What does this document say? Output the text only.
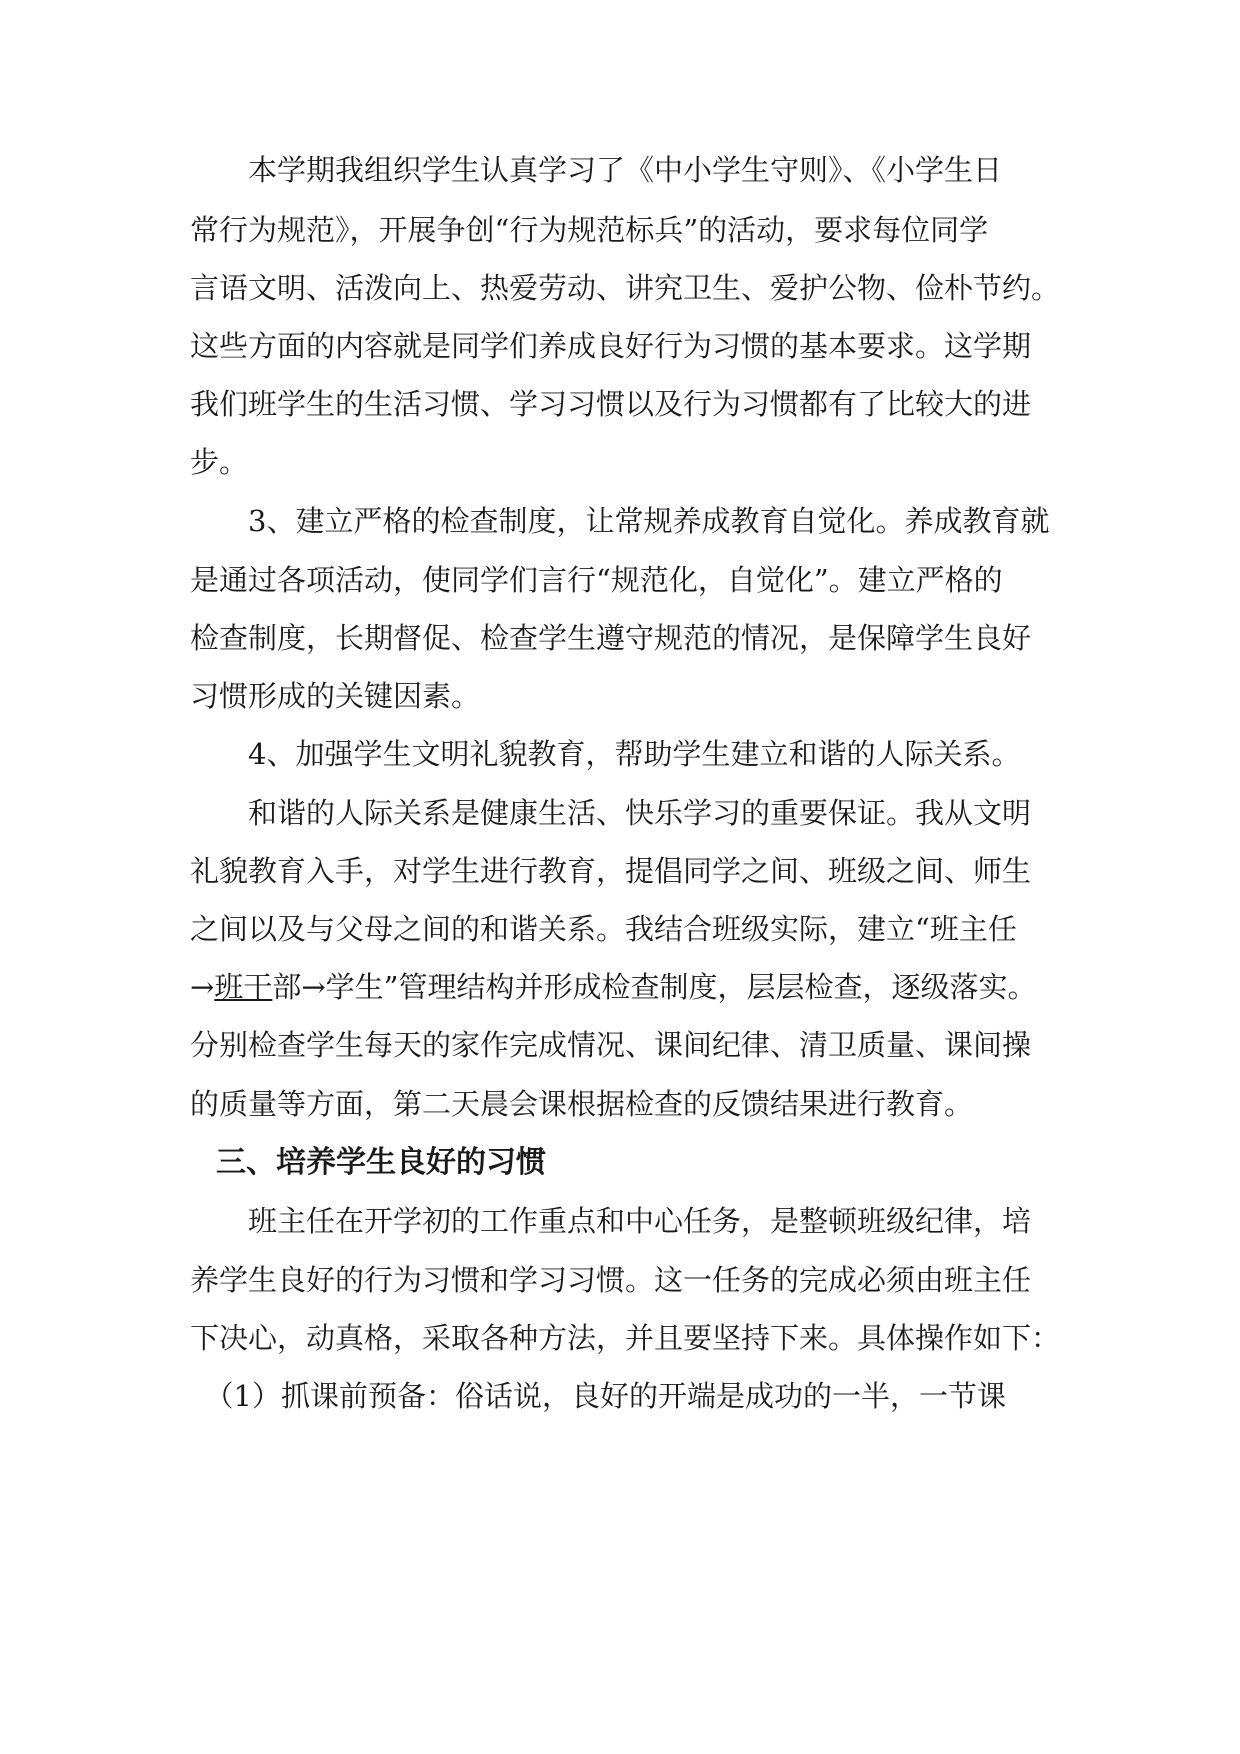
　　本学期我组织学生认真学习了《中小学生守则》、《小学生日

常行为规范》，开展争创“行为规范标兵”的活动，要求每位同学

言语文明、活泼向上、热爱劳动、讲究卫生、爱护公物、俭朴节约。

这些方面的内容就是同学们养成良好行为习惯的基本要求。这学期

我们班学生的生活习惯、学习习惯以及行为习惯都有了比较大的进

步。

　　3、建立严格的检查制度，让常规养成教育自觉化。养成教育就

是通过各项活动，使同学们言行“规范化，自觉化”。建立严格的

检查制度，长期督促、检查学生遵守规范的情况，是保障学生良好

习惯形成的关键因素。

　　4、加强学生文明礼貌教育，帮助学生建立和谐的人际关系。

　　和谐的人际关系是健康生活、快乐学习的重要保证。我从文明

礼貌教育入手，对学生进行教育，提倡同学之间、班级之间、师生

之间以及与父母之间的和谐关系。我结合班级实际，建立“班主任

→班干部→学生”管理结构并形成检查制度，层层检查，逐级落实。

分别检查学生每天的家作完成情况、课间纪律、清卫质量、课间操

的质量等方面，第二天晨会课根据检查的反馈结果进行教育。

三、培养学生良好的习惯

　　班主任在开学初的工作重点和中心任务，是整顿班级纪律，培

养学生良好的行为习惯和学习习惯。这一任务的完成必须由班主任

下决心，动真格，采取各种方法，并且要坚持下来。具体操作如下：

　（1）抓课前预备：俗话说，良好的开端是成功的一半，一节课
